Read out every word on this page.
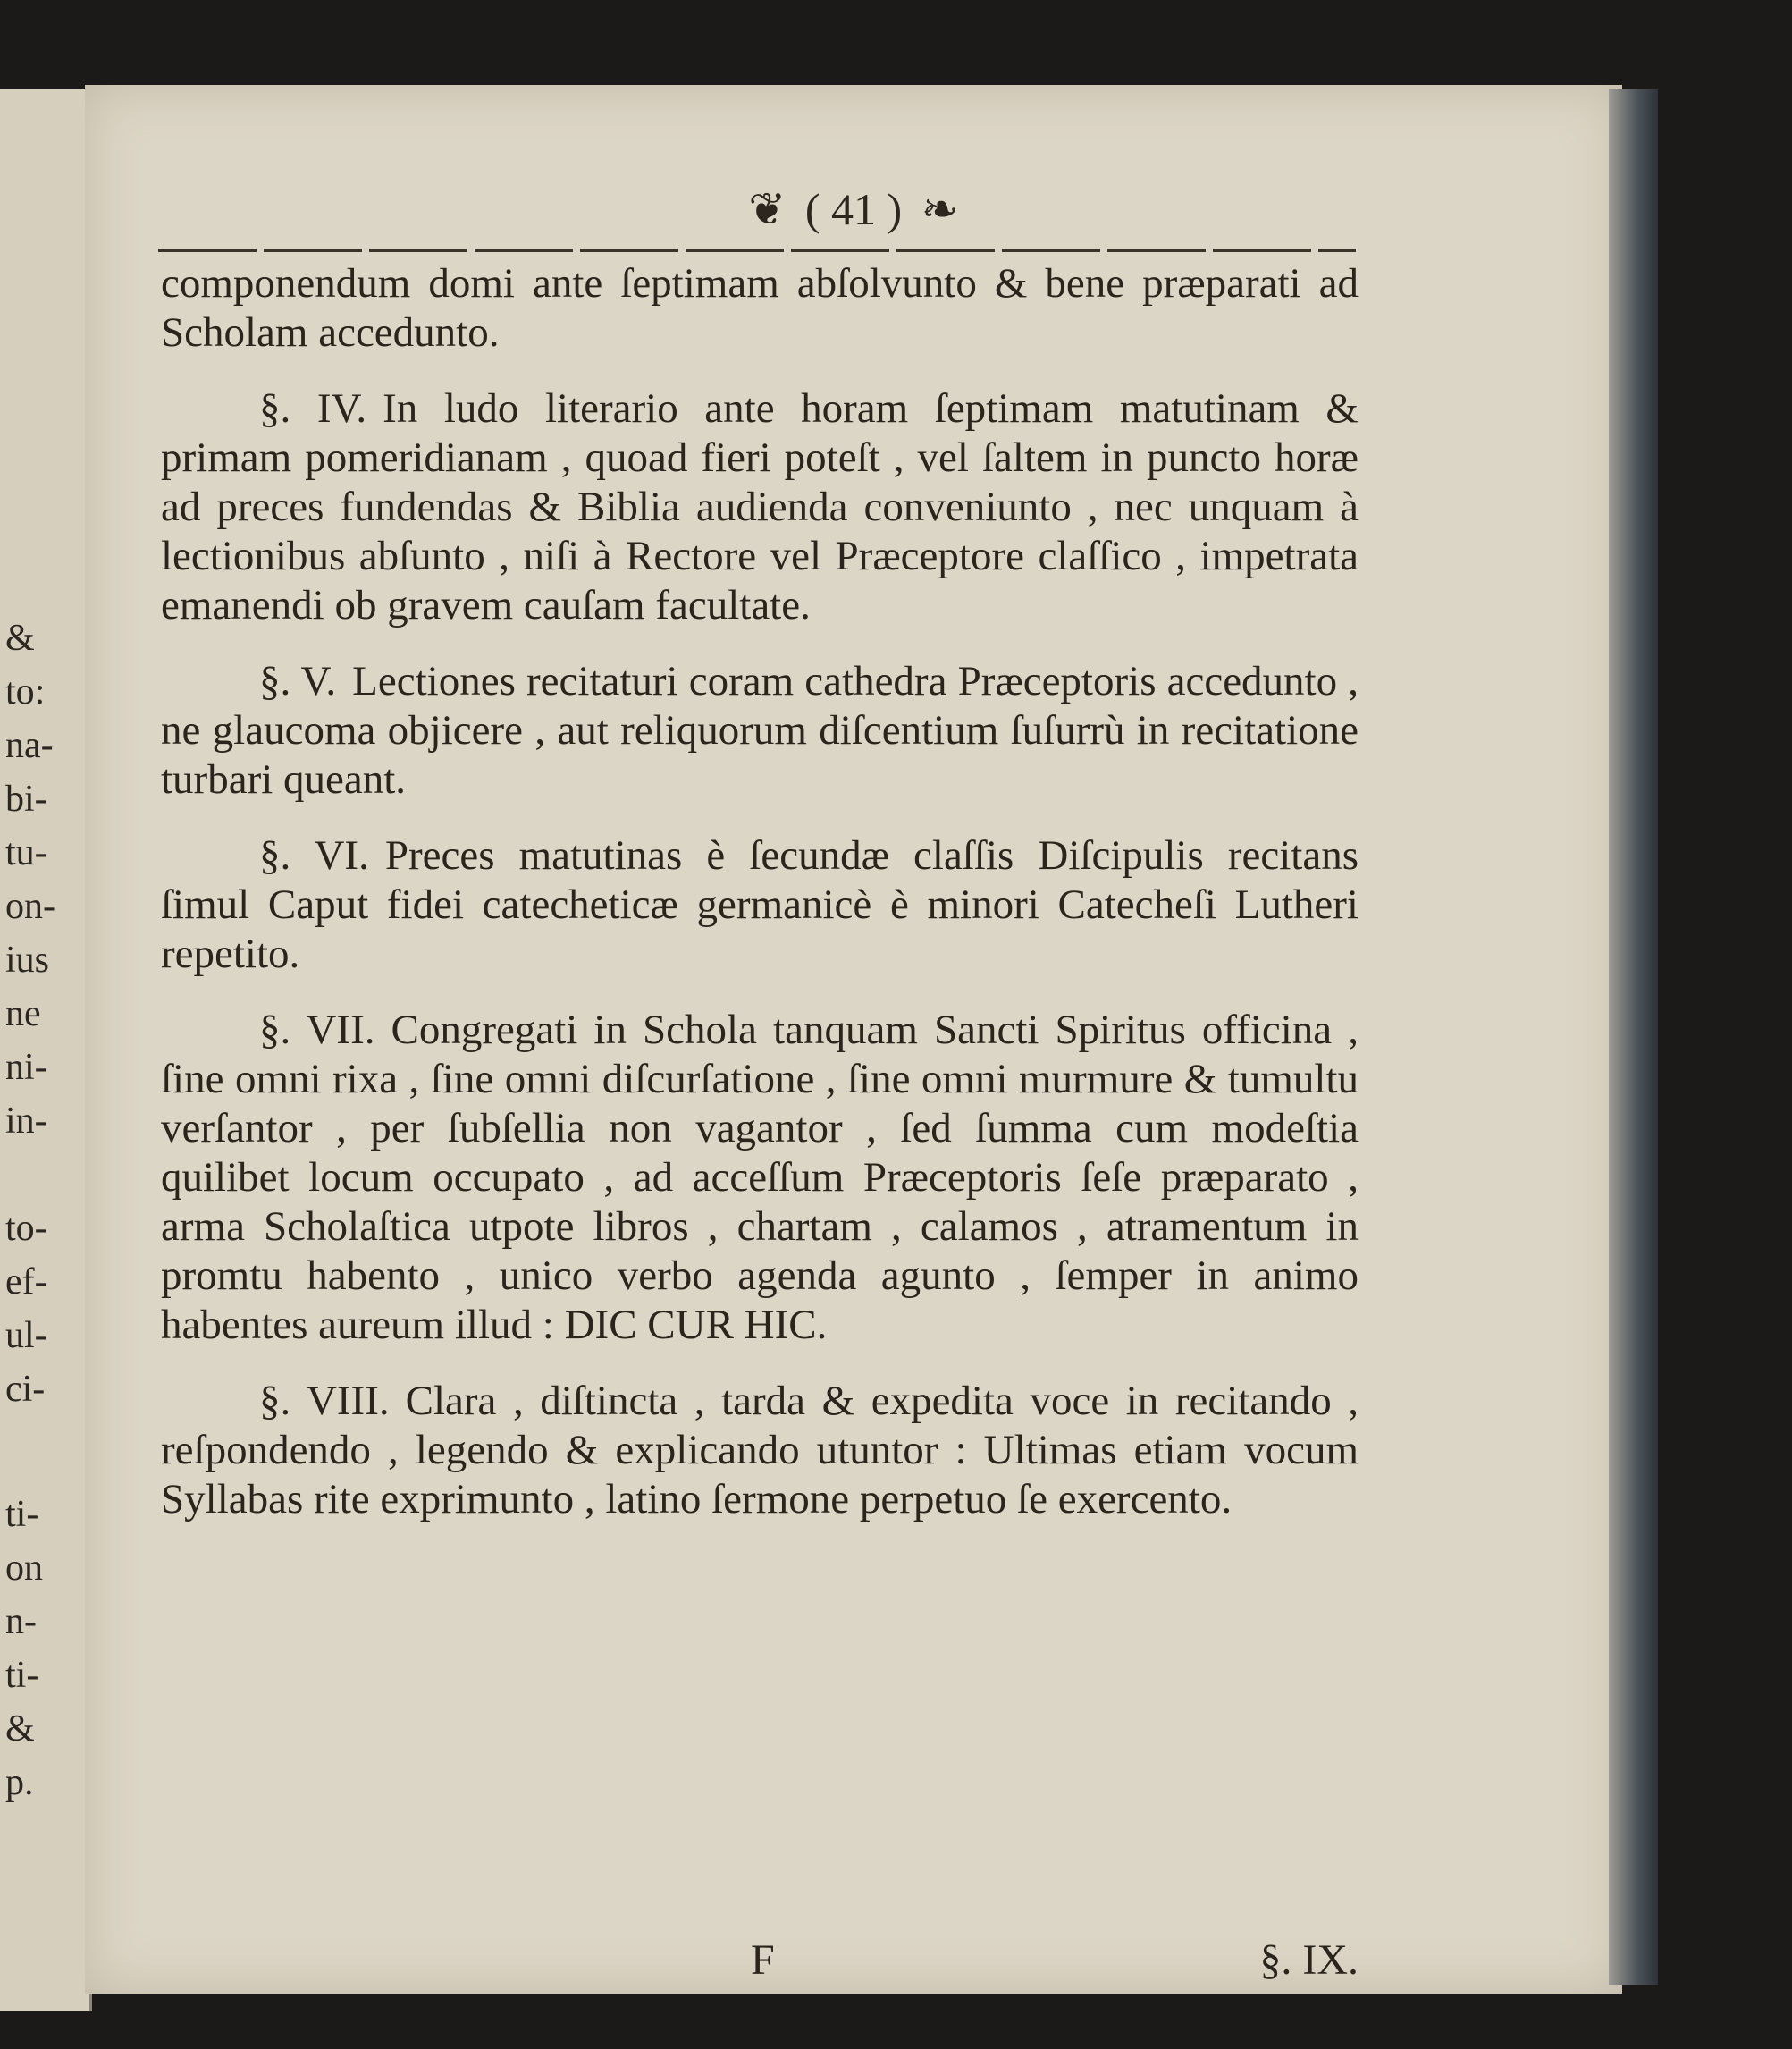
&
to:
na-
bi-
tu-
on-
ius
ne
ni-
in-
to-
ef-
ul-
ci-
ti-
on
n-
ti-
&
p.
❦ ( 41 ) ❧

componendum domi ante ſeptimam abſolvunto & bene præparati ad Scholam accedunto.

§. IV. In ludo literario ante horam ſeptimam matutinam & primam pomeridianam , quoad fieri poteſt , vel ſaltem in puncto horæ ad preces fundendas & Biblia audienda conveniunto , nec unquam à lectionibus abſunto , niſi à Rectore vel Præceptore claſſico , impetrata emanendi ob gravem cauſam facultate.

§. V. Lectiones recitaturi coram cathedra Præceptoris accedunto , ne glaucoma objicere , aut reliquorum diſcentium ſuſurrù in recitatione turbari queant.

§. VI. Preces matutinas è ſecundæ claſſis Diſcipulis recitans ſimul Caput fidei catecheticæ germanicè è minori Catecheſi Lutheri repetito.

§. VII. Congregati in Schola tanquam Sancti Spiritus officina , ſine omni rixa , ſine omni diſcurſatione , ſine omni murmure & tumultu verſantor , per ſubſellia non vagantor , ſed ſumma cum modeſtia quilibet locum occupato , ad acceſſum Præceptoris ſeſe præparato , arma Scholaſtica utpote libros , chartam , calamos , atramentum in promtu habento , unico verbo agenda agunto , ſemper in animo habentes aureum illud : DIC CUR HIC.

§. VIII. Clara , diſtincta , tarda & expedita voce in recitando , reſpondendo , legendo & explicando utuntor : Ultimas etiam vocum Syllabas rite exprimunto , latino ſermone perpetuo ſe exercento.

F	§. IX.
